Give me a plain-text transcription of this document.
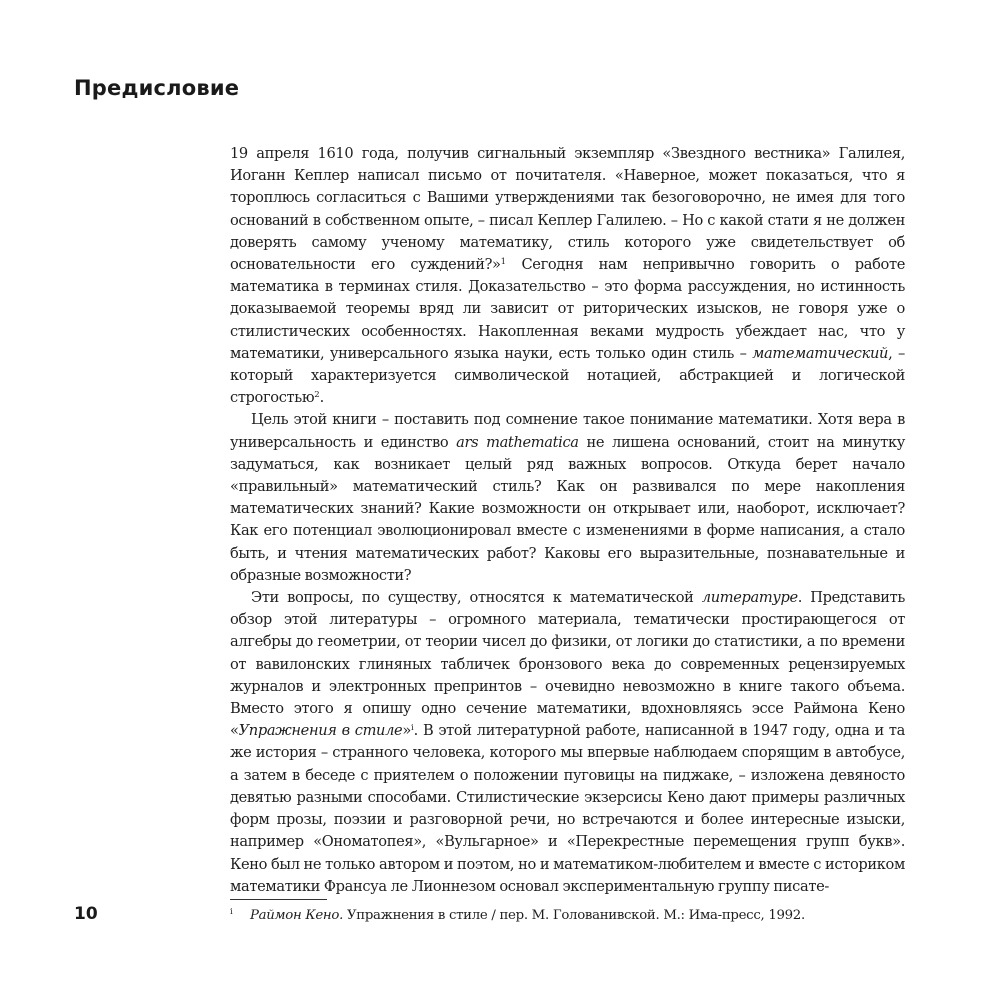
Предисловие

19 апреля 1610 года, получив сигнальный экземпляр «Звездного вестника» Галилея, Иоганн Кеплер написал письмо от почитателя. «Наверное, может показаться, что я тороплюсь согласиться с Вашими утверждениями так безоговорочно, не имея для того оснований в собственном опыте, – писал Кеплер Галилею. – Но с какой стати я не должен доверять самому ученому математику, стиль которого уже свидетельствует об основательности его суждений?»$^1$ Сегодня нам непривычно говорить о работе математика в терминах стиля. Доказательство – это форма рассуждения, но истинность доказываемой теоремы вряд ли зависит от риторических изысков, не говоря уже о стилистических особенностях. Накопленная веками мудрость убеждает нас, что у математики, универсального языка науки, есть только один стиль – математический, – который характеризуется символической нотацией, абстракцией и логической строгостью$^2$.

Цель этой книги – поставить под сомнение такое понимание математики. Хотя вера в универсальность и единство ars mathematica не лишена оснований, стоит на минутку задуматься, как возникает целый ряд важных вопросов. Откуда берет начало «правильный» математический стиль? Как он развивался по мере накопления математических знаний? Какие возможности он открывает или, наоборот, исключает? Как его потенциал эволюционировал вместе с изменениями в форме написания, а стало быть, и чтения математических работ? Каковы его выразительные, познавательные и образные возможности?

Эти вопросы, по существу, относятся к математической литературе. Представить обзор этой литературы – огромного материала, тематически простирающегося от алгебры до геометрии, от теории чисел до физики, от логики до статистики, а по времени от вавилонских глиняных табличек бронзового века до современных рецензируемых журналов и электронных препринтов – очевидно невозможно в книге такого объема. Вместо этого я опишу одно сечение математики, вдохновляясь эссе Раймона Кено «Упражнения в стиле»$^i$. В этой литературной работе, написанной в 1947 году, одна и та же история – странного человека, которого мы впервые наблюдаем спорящим в автобусе, а затем в беседе с приятелем о положении пуговицы на пиджаке, – изложена девяносто девятью разными способами. Стилистические экзерсисы Кено дают примеры различных форм прозы, поэзии и разговорной речи, но встречаются и более интересные изыски, например «Ономатопея», «Вульгарное» и «Перекрестные перемещения групп букв». Кено был не только автором и поэтом, но и математиком-любителем и вместе с историком математики Франсуа ле Лионнезом основал экспериментальную группу писате-

i Раймон Кено. Упражнения в стиле / пер. М. Голованивской. М.: Има-пресс, 1992.
10
